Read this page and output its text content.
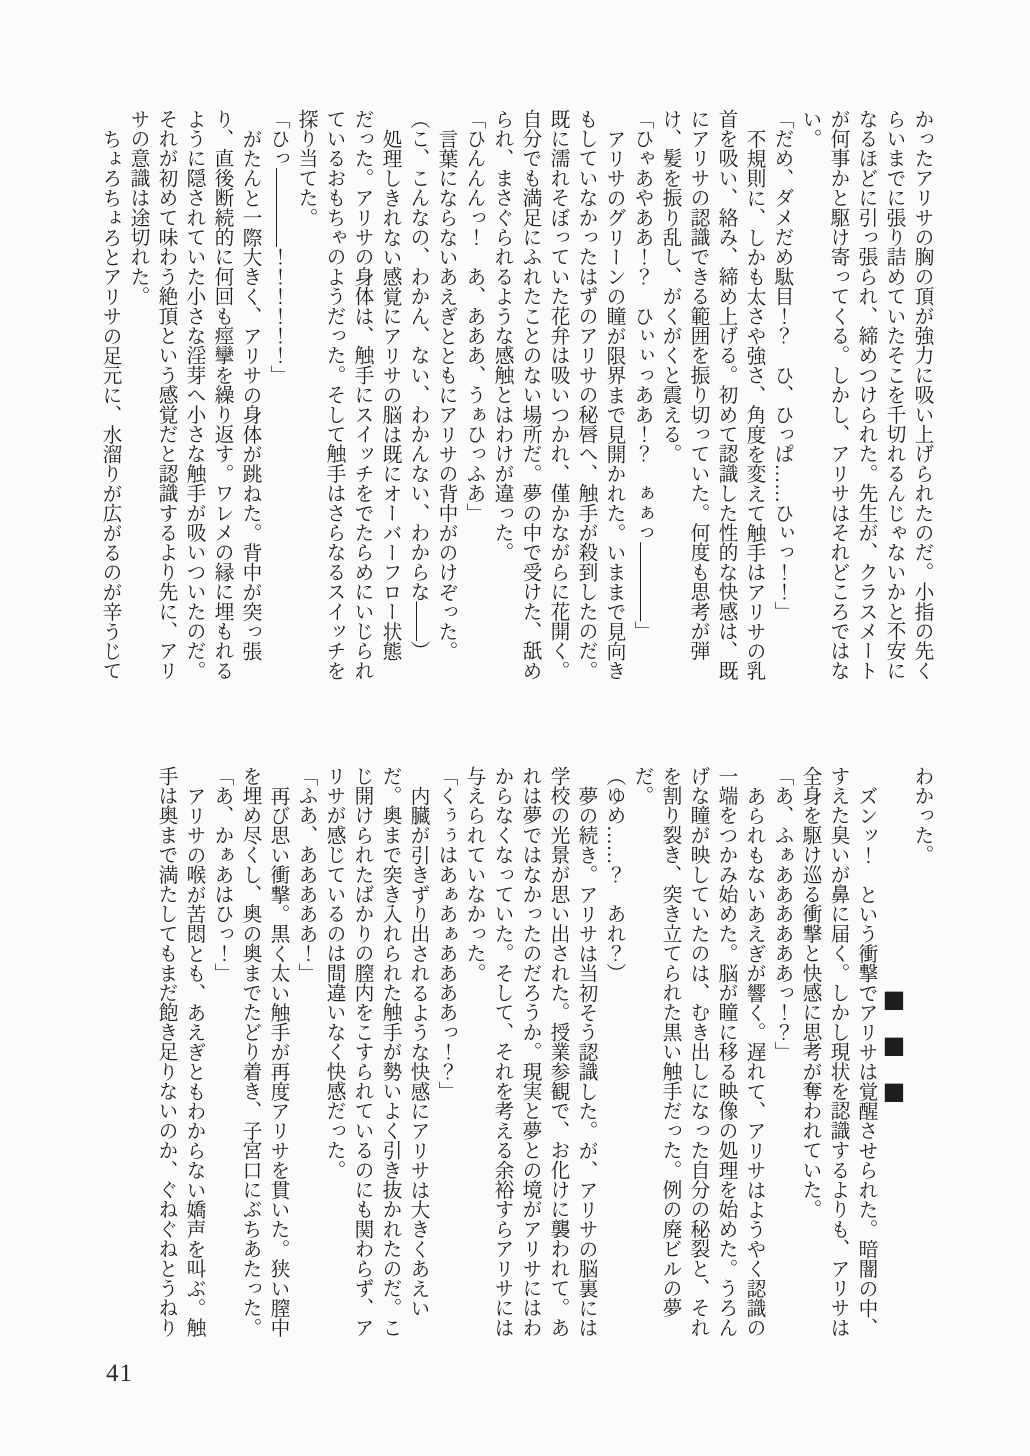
かったアリサの胸の頂が強力に吸い上げられたのだ。小指の先くらいまでに張り詰めていたそこを千切れるんじゃないかと不安になるほどに引っ張られ、締めつけられた。先生が、クラスメートが何事かと駆け寄ってくる。しかし、アリサはそれどころではない。

「だめ、ダメだめ駄目！？　ひ、ひっぱ……ひぃっ！！」

不規則に、しかも太さや強さ、角度を変えて触手はアリサの乳首を吸い、絡み、締め上げる。初めて認識した性的な快感は、既にアリサの認識できる範囲を振り切っていた。何度も思考が弾け、髪を振り乱し、がくがくと震える。

「ひゃあやああ！？　ひぃぃっああ！？　ぁぁっ――――」

アリサのグリーンの瞳が限界まで見開かれた。いままで見向きもしていなかったはずのアリサの秘唇へ、触手が殺到したのだ。既に濡れそぼっていた花弁は吸いつかれ、僅かながらに花開く。自分でも満足にふれたことのない場所だ。夢の中で受けた、舐められ、まさぐられるような感触とはわけが違った。

「ひんんんっ！　あ、あああ、うぁひっふあ」

言葉にならないあえぎとともにアリサの背中がのけぞった。

（こ、こんなの、わかん、ない、わかんない、わからな――）

処理しきれない感覚にアリサの脳は既にオーバーフロー状態だった。アリサの身体は、触手にスイッチをでたらめにいじられているおもちゃのようだった。そして触手はさらなるスイッチを探り当てた。

「ひっ――――！！！！！！」

がたんと一際大きく、アリサの身体が跳ねた。背中が突っ張り、直後断続的に何回も痙攣を繰り返す。ワレメの縁に埋もれるように隠されていた小さな淫芽へ小さな触手が吸いついたのだ。それが初めて味わう絶頂という感覚だと認識するより先に、アリサの意識は途切れた。

ちょろちょろとアリサの足元に、水溜りが広がるのが辛うじて

わかった。

■■■

ズンッ！　という衝撃でアリサは覚醒させられた。暗闇の中、すえた臭いが鼻に届く。しかし現状を認識するよりも、アリサは全身を駆け巡る衝撃と快感に思考が奪われていた。

「あ、ふぁああああああっ！？」

あられもないあえぎが響く。遅れて、アリサはようやく認識の一端をつかみ始めた。脳が瞳に移る映像の処理を始めた。うろんげな瞳が映していたのは、むき出しになった自分の秘裂と、それを割り裂き、突き立てられた黒い触手だった。例の廃ビルの夢だ。

（ゆめ……？　あれ？）

夢の続き。アリサは当初そう認識した。が、アリサの脳裏には学校の光景が思い出された。授業参観で、お化けに襲われて。あれは夢ではなかったのだろうか。現実と夢との境がアリサにはわからなくなっていた。そして、それを考える余裕すらアリサには与えられていなかった。

「くぅぅはあぁあぁああああっ！？」

内臓が引きずり出されるような快感にアリサは大きくあえいだ。奥まで突き入れられた触手が勢いよく引き抜かれたのだ。こじ開けられたばかりの膣内をこすられているのにも関わらず、アリサが感じているのは間違いなく快感だった。

「ふあ、あああああ！」

再び思い衝撃。黒く太い触手が再度アリサを貫いた。狭い膣中を埋め尽くし、奥の奥までたどり着き、子宮口にぶちあたった。

「あ、かぁあはひっ！」

アリサの喉が苦悶とも、あえぎともわからない嬌声を叫ぶ。触手は奥まで満たしてもまだ飽き足りないのか、ぐねぐねとうねり

41
